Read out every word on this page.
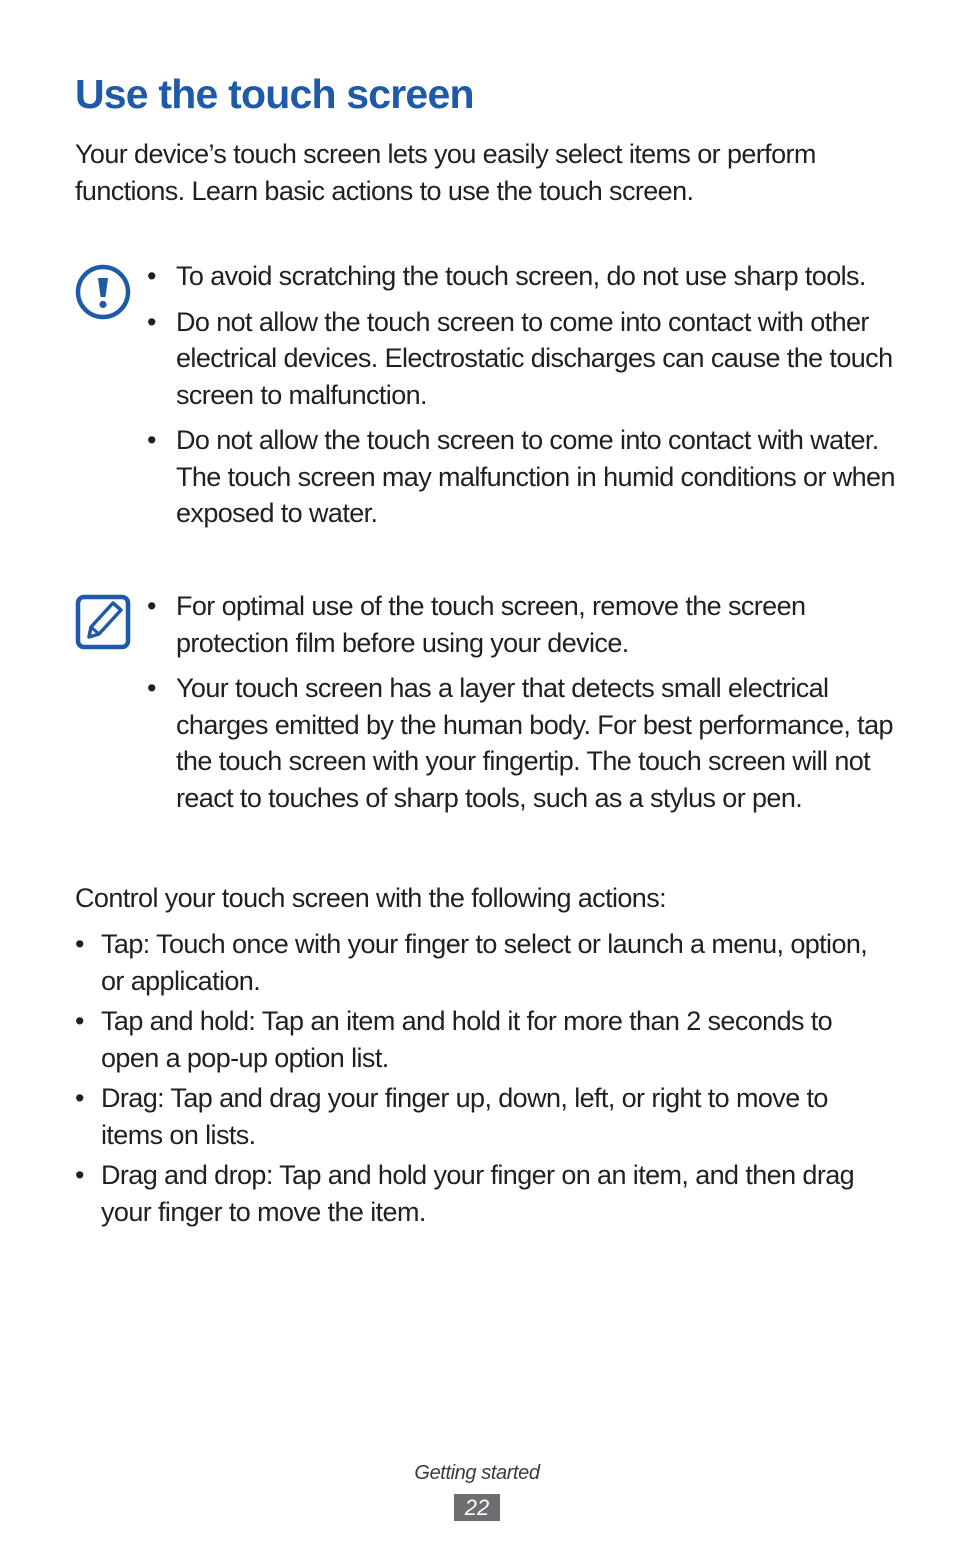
Use the touch screen

Your device’s touch screen lets you easily select items or perform functions. Learn basic actions to use the touch screen.

• To avoid scratching the touch screen, do not use sharp tools.
• Do not allow the touch screen to come into contact with other electrical devices. Electrostatic discharges can cause the touch screen to malfunction.
• Do not allow the touch screen to come into contact with water. The touch screen may malfunction in humid conditions or when exposed to water.
• For optimal use of the touch screen, remove the screen protection film before using your device.
• Your touch screen has a layer that detects small electrical charges emitted by the human body. For best performance, tap the touch screen with your fingertip. The touch screen will not react to touches of sharp tools, such as a stylus or pen.

Control your touch screen with the following actions:

• Tap: Touch once with your finger to select or launch a menu, option, or application.
• Tap and hold: Tap an item and hold it for more than 2 seconds to open a pop-up option list.
• Drag: Tap and drag your finger up, down, left, or right to move to items on lists.
• Drag and drop: Tap and hold your finger on an item, and then drag your finger to move the item.
Getting started
22
